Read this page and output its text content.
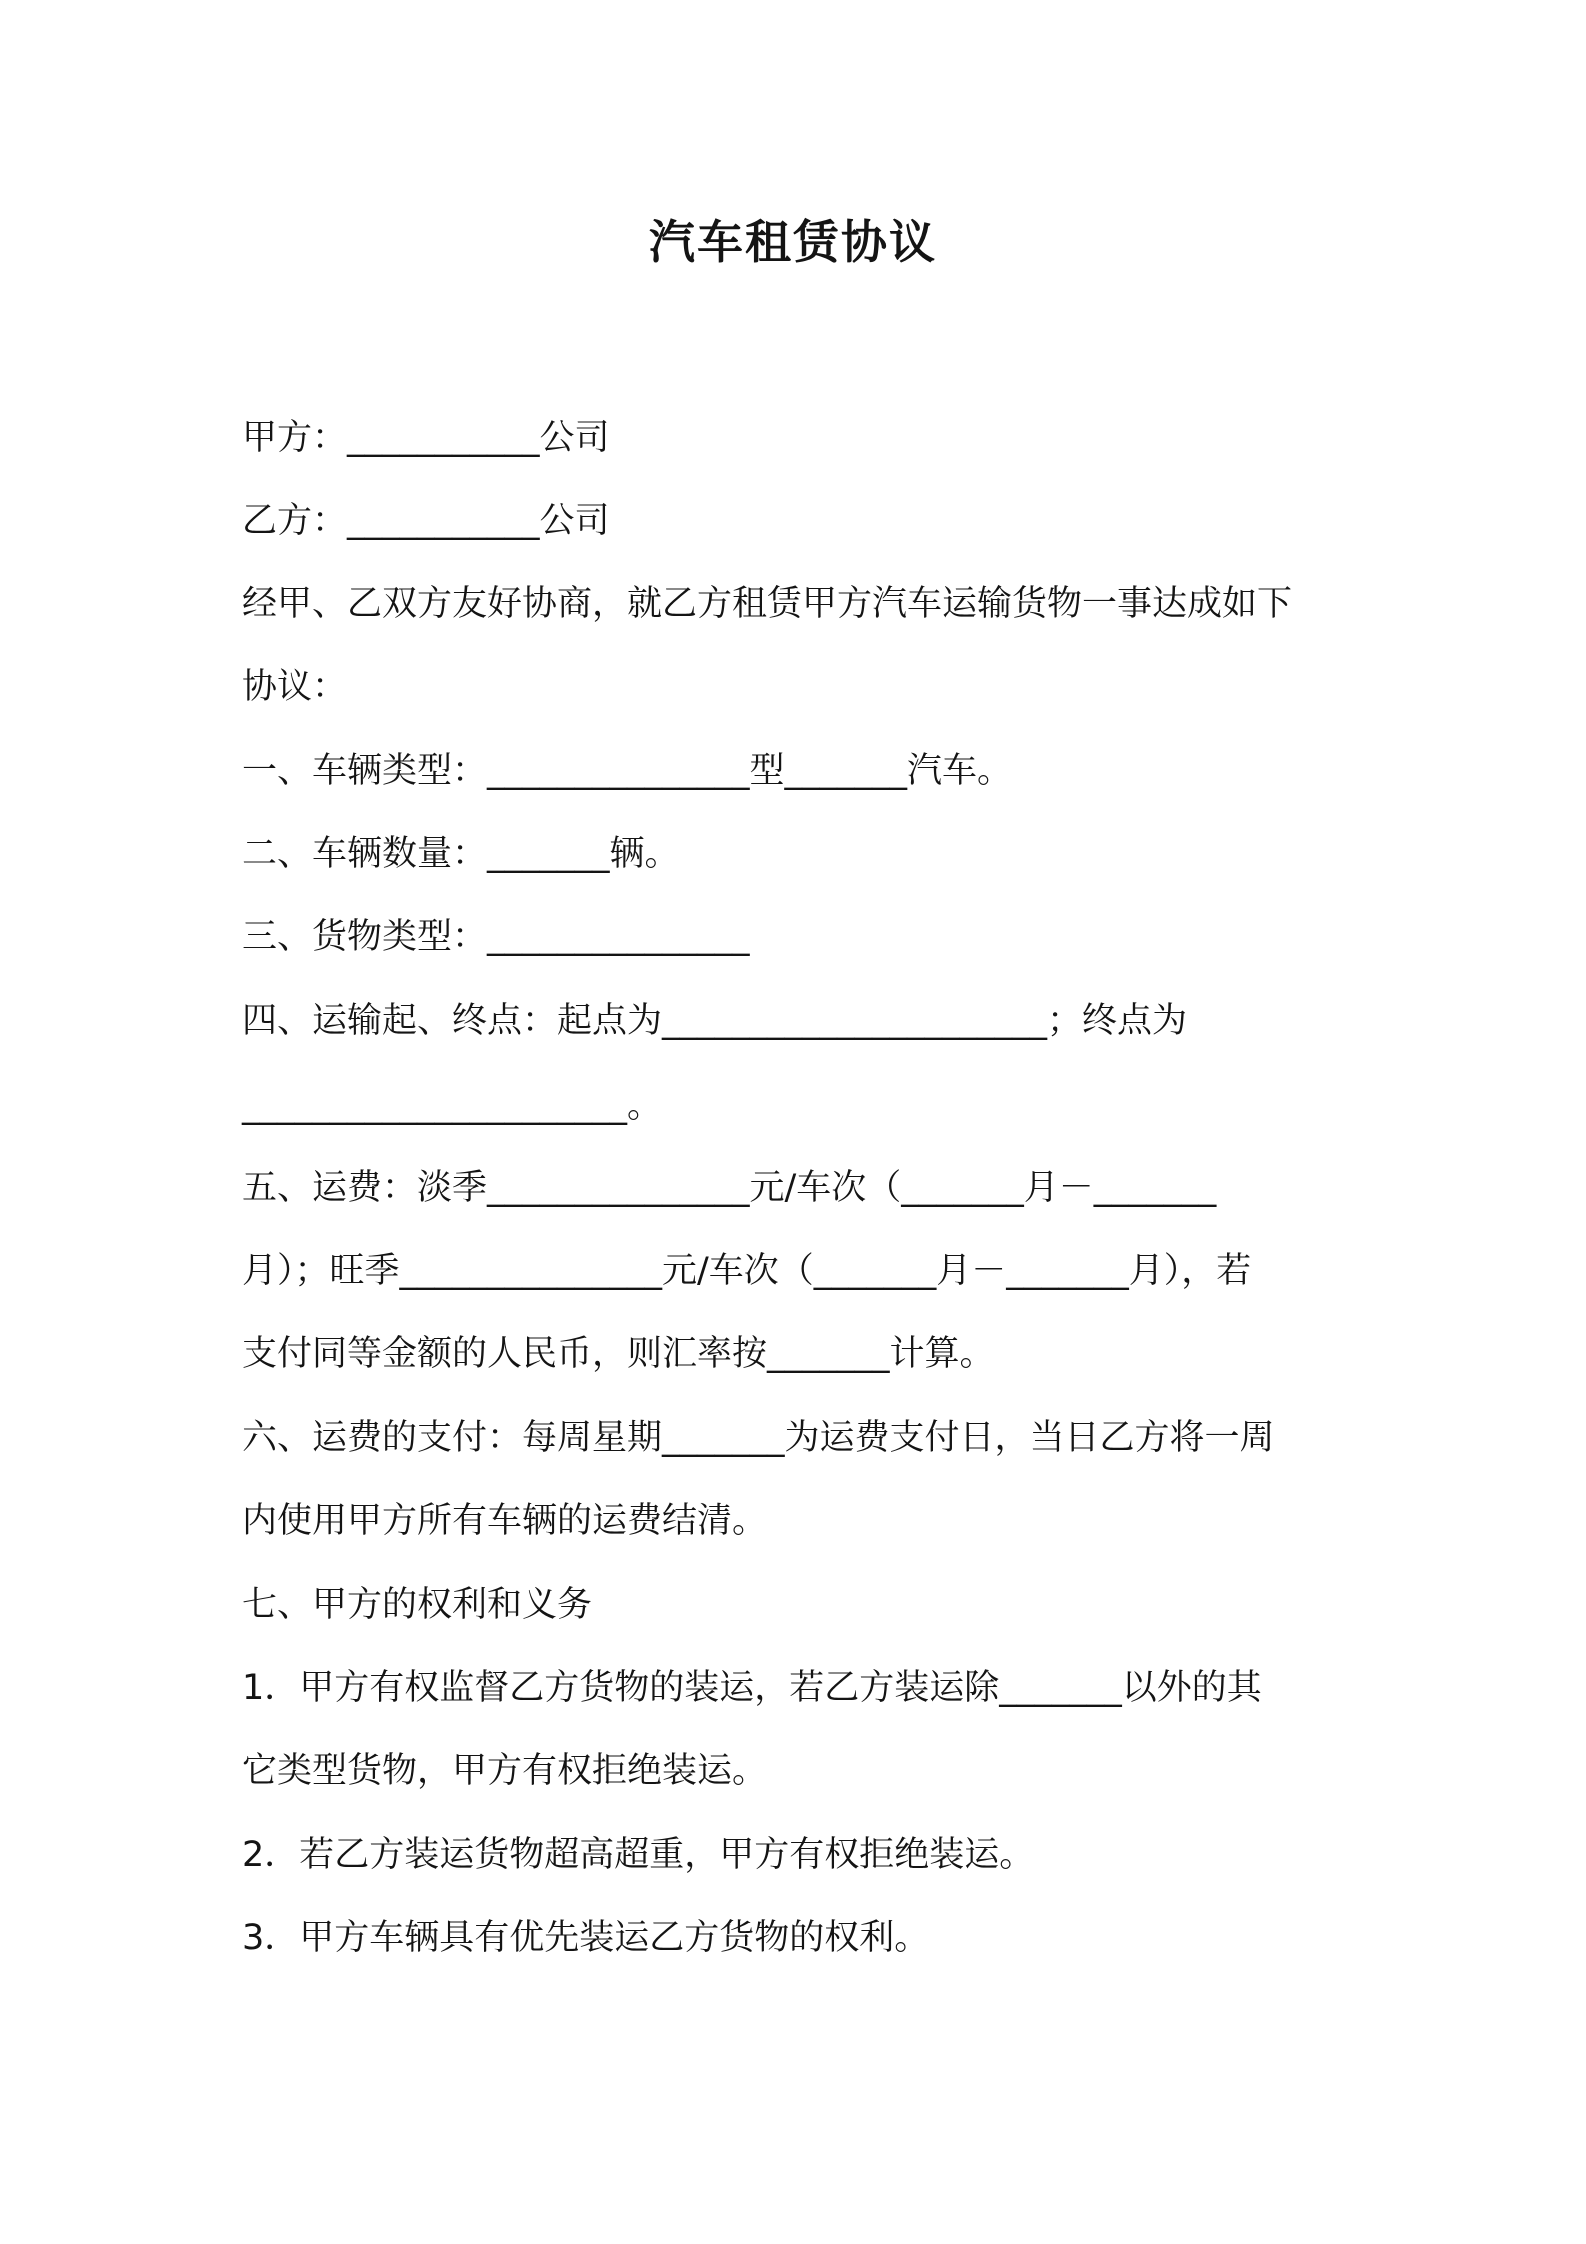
汽车租赁协议

甲方：___________公司

乙方：___________公司

经甲、乙双方友好协商，就乙方租赁甲方汽车运输货物一事达成如下

协议：

一、车辆类型：_______________型_______汽车。

二、车辆数量：_______辆。

三、货物类型：_______________

四、运输起、终点：起点为______________________；终点为

______________________。

五、运费：淡季_______________元/车次（_______月－_______

月）；旺季_______________元/车次（_______月－_______月），若

支付同等金额的人民币，则汇率按_______计算。

六、运费的支付：每周星期_______为运费支付日，当日乙方将一周

内使用甲方所有车辆的运费结清。

七、甲方的权利和义务

1．甲方有权监督乙方货物的装运，若乙方装运除_______以外的其

它类型货物，甲方有权拒绝装运。

2．若乙方装运货物超高超重，甲方有权拒绝装运。

3．甲方车辆具有优先装运乙方货物的权利。
